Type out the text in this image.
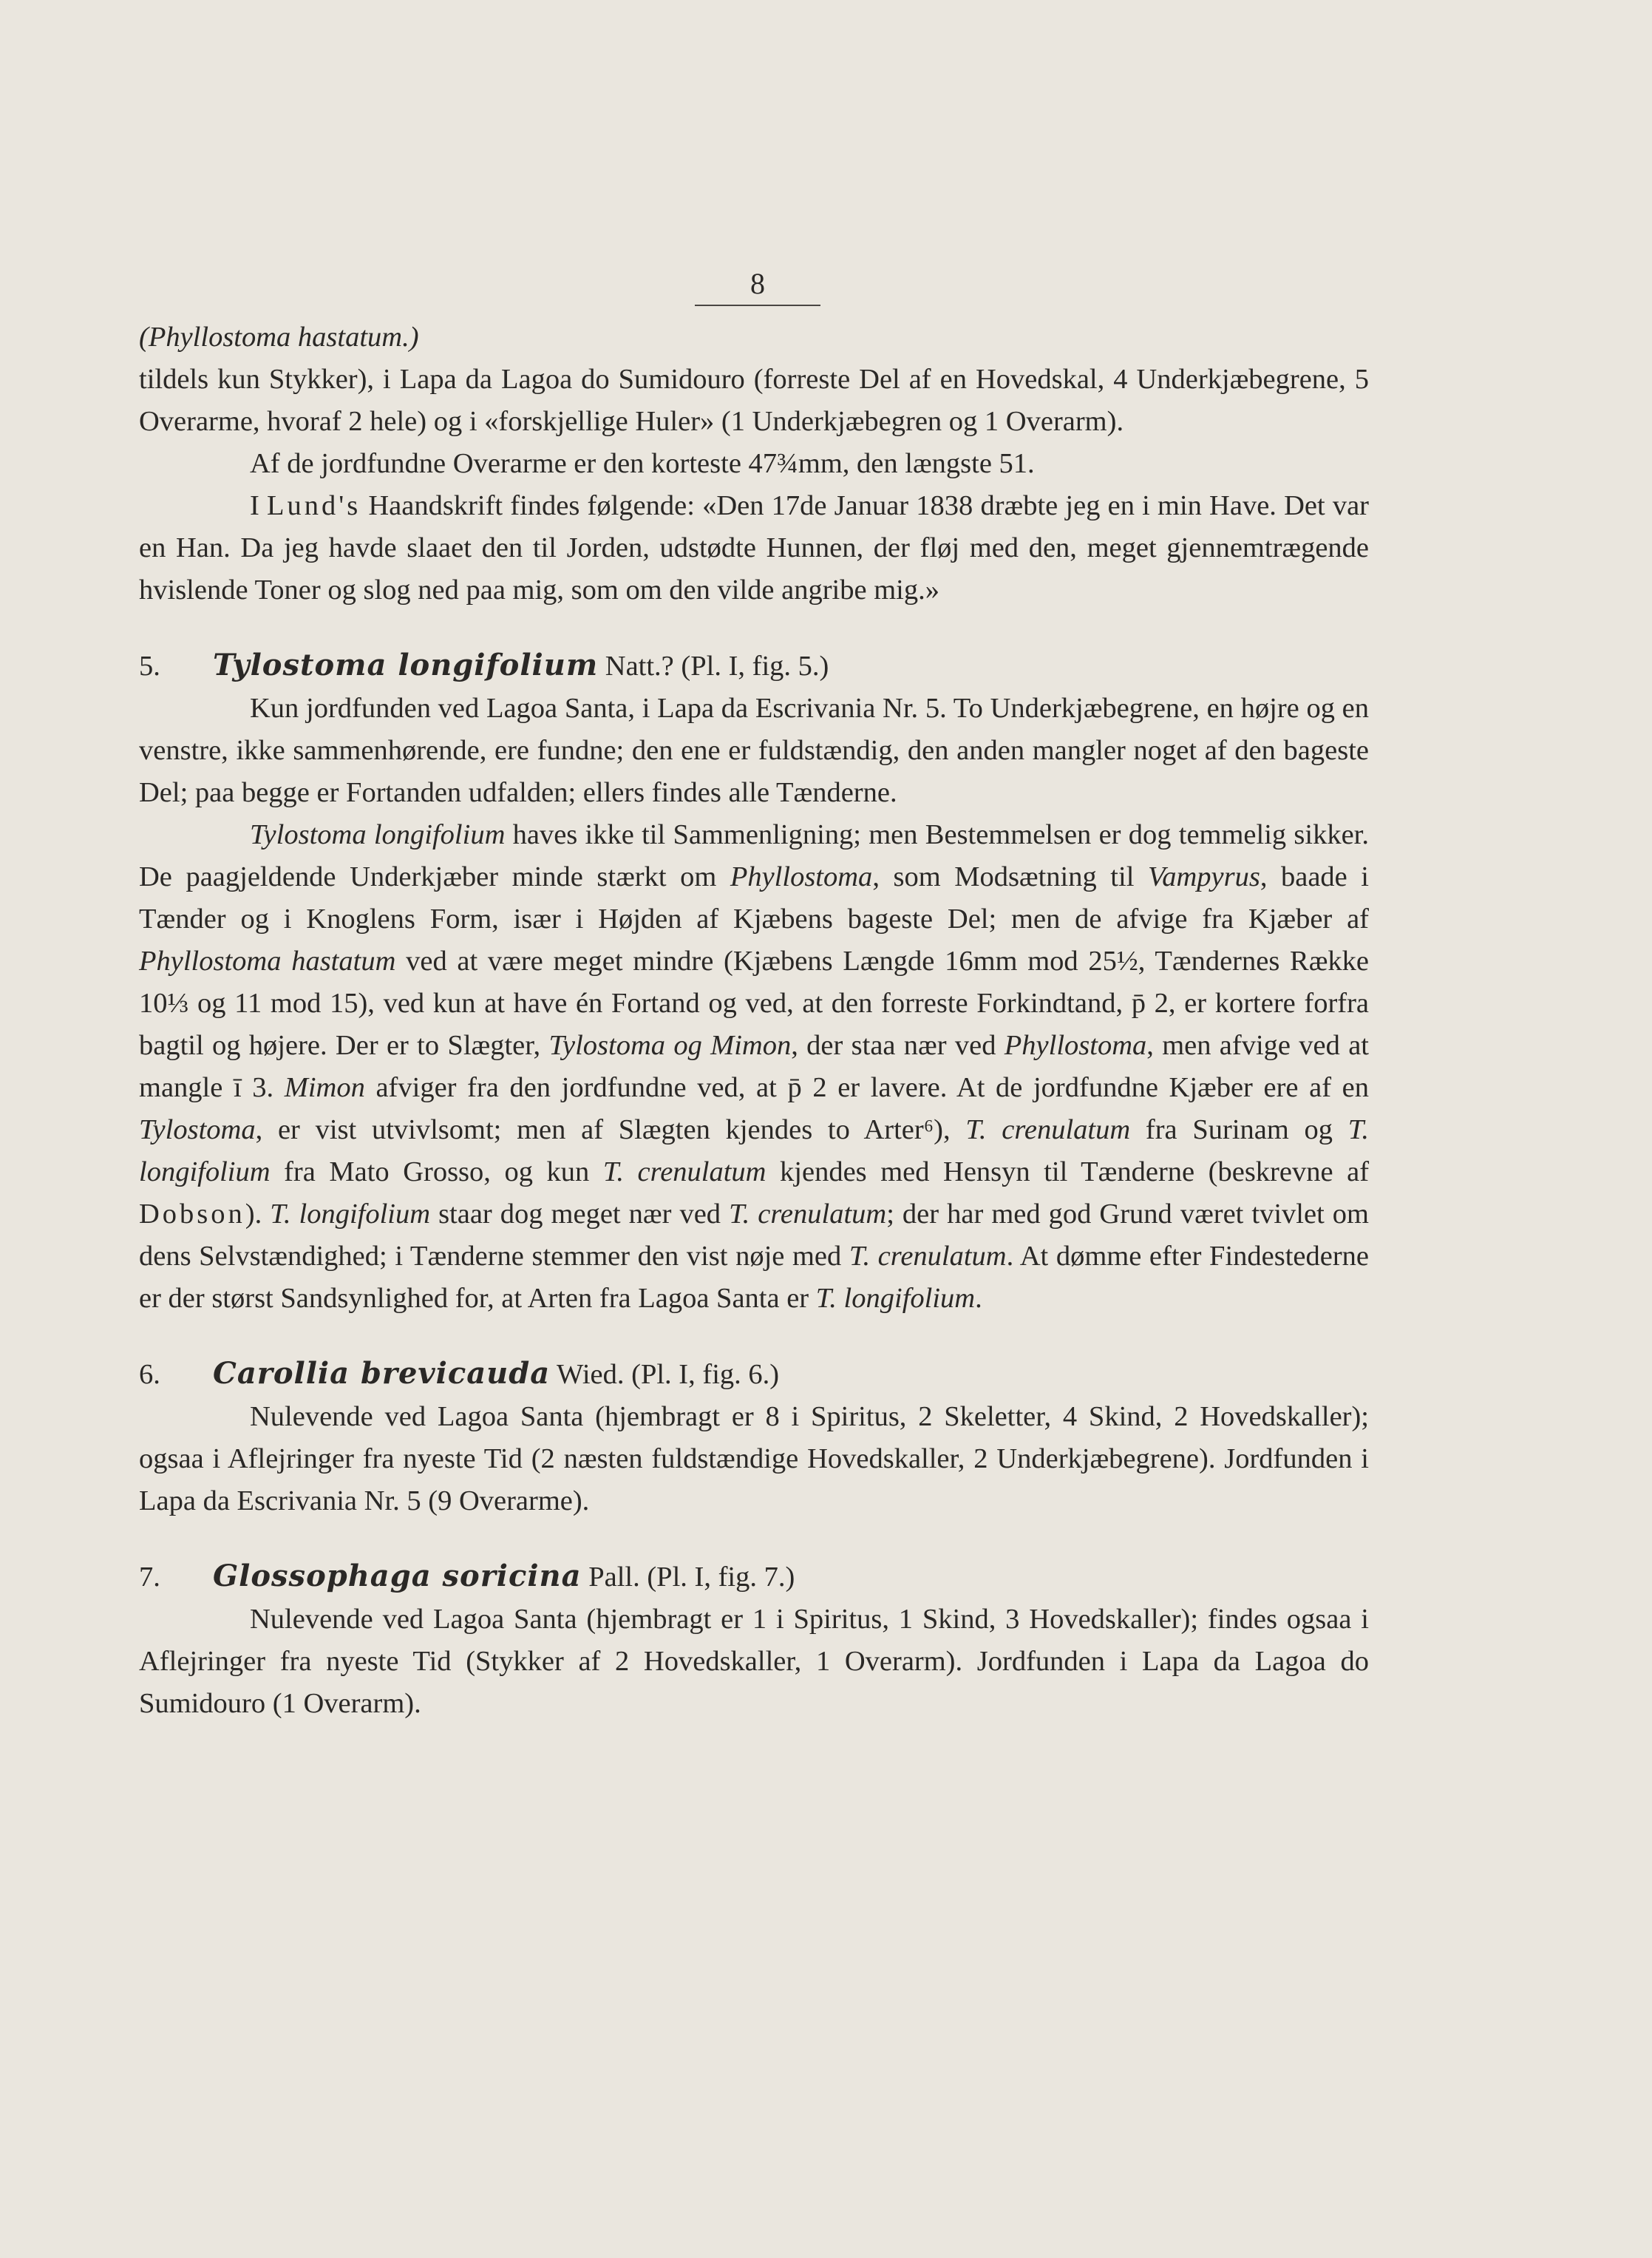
8

(Phyllostoma hastatum.)

tildels kun Stykker), i Lapa da Lagoa do Sumidouro (forreste Del af en Hovedskal, 4 Underkjæbegrene, 5 Overarme, hvoraf 2 hele) og i «forskjellige Huler» (1 Underkjæbegren og 1 Overarm).

Af de jordfundne Overarme er den korteste 47¾mm, den længste 51.

I Lund's Haandskrift findes følgende: «Den 17de Januar 1838 dræbte jeg en i min Have. Det var en Han. Da jeg havde slaaet den til Jorden, udstødte Hunnen, der fløj med den, meget gjennemtrægende hvislende Toner og slog ned paa mig, som om den vilde angribe mig.»

5. Tylostoma longifolium Natt.? (Pl. I, fig. 5.)

Kun jordfunden ved Lagoa Santa, i Lapa da Escrivania Nr. 5. To Underkjæbegrene, en højre og en venstre, ikke sammenhørende, ere fundne; den ene er fuldstændig, den anden mangler noget af den bageste Del; paa begge er Fortanden udfalden; ellers findes alle Tænderne.

Tylostoma longifolium haves ikke til Sammenligning; men Bestemmelsen er dog temmelig sikker. De paagjeldende Underkjæber minde stærkt om Phyllostoma, som Modsætning til Vampyrus, baade i Tænder og i Knoglens Form, især i Højden af Kjæbens bageste Del; men de afvige fra Kjæber af Phyllostoma hastatum ved at være meget mindre (Kjæbens Længde 16mm mod 25½, Tændernes Række 10⅓ og 11 mod 15), ved kun at have én Fortand og ved, at den forreste Forkindtand, p̄ 2, er kortere forfra bagtil og højere. Der er to Slægter, Tylostoma og Mimon, der staa nær ved Phyllostoma, men afvige ved at mangle ī 3. Mimon afviger fra den jordfundne ved, at p̄ 2 er lavere. At de jordfundne Kjæber ere af en Tylostoma, er vist utvivlsomt; men af Slægten kjendes to Arter⁶), T. crenulatum fra Surinam og T. longifolium fra Mato Grosso, og kun T. crenulatum kjendes med Hensyn til Tænderne (beskrevne af Dobson). T. longifolium staar dog meget nær ved T. crenulatum; der har med god Grund været tvivlet om dens Selvstændighed; i Tænderne stemmer den vist nøje med T. crenulatum. At dømme efter Findestederne er der størst Sandsynlighed for, at Arten fra Lagoa Santa er T. longifolium.

6. Carollia brevicauda Wied. (Pl. I, fig. 6.)

Nulevende ved Lagoa Santa (hjembragt er 8 i Spiritus, 2 Skeletter, 4 Skind, 2 Hovedskaller); ogsaa i Aflejringer fra nyeste Tid (2 næsten fuldstændige Hovedskaller, 2 Underkjæbegrene). Jordfunden i Lapa da Escrivania Nr. 5 (9 Overarme).

7. Glossophaga soricina Pall. (Pl. I, fig. 7.)

Nulevende ved Lagoa Santa (hjembragt er 1 i Spiritus, 1 Skind, 3 Hovedskaller); findes ogsaa i Aflejringer fra nyeste Tid (Stykker af 2 Hovedskaller, 1 Overarm). Jordfunden i Lapa da Lagoa do Sumidouro (1 Overarm).
